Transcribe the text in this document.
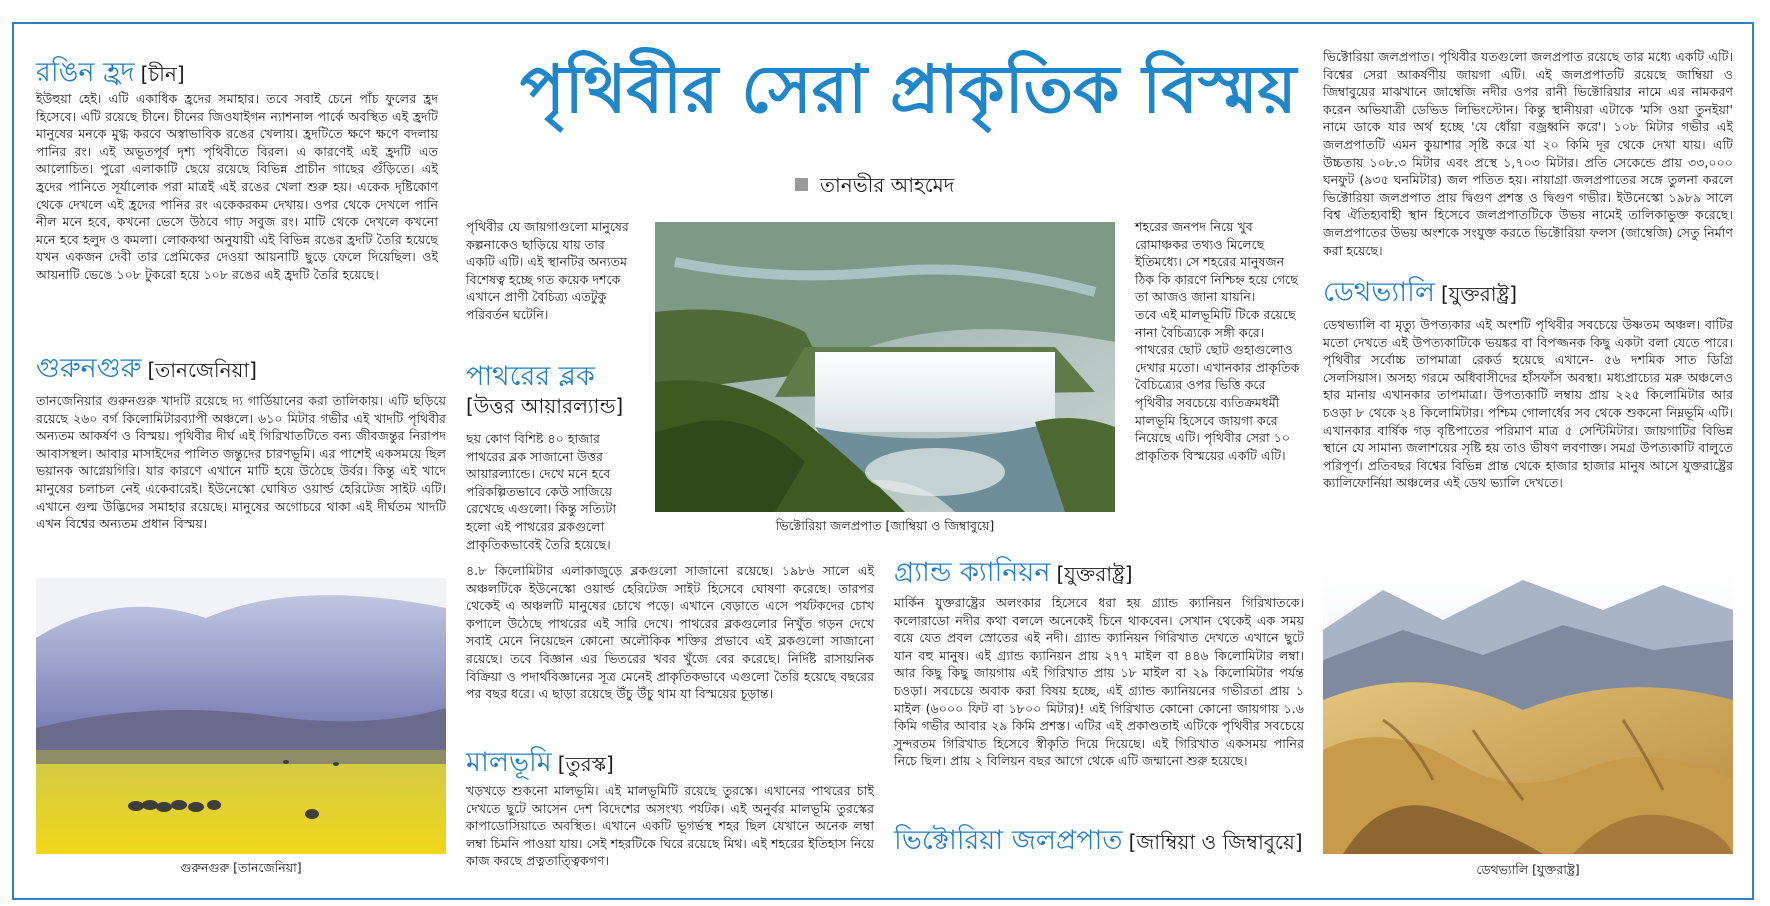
পৃথিবীর সেরা প্রাকৃতিক বিস্ময়
তানভীর আহমেদ
রঙিন হ্রদ [চীন]

ইউহুয়া হেই। এটি একাধিক হ্রদের সমাহার। তবে সবাই চেনে পাঁচ ফুলের হ্রদ হিসেবে। এটি রয়েছে চীনে। চীনের জিওযাইগন ন্যাশনাল পার্কে অবস্থিত এই হ্রদটি মানুষের মনকে মুগ্ধ করবে অস্বাভাবিক রঙের খেলায়। হ্রদটিতে ক্ষণে ক্ষণে বদলায় পানির রং। এই অভূতপূর্ব দৃশ্য পৃথিবীতে বিরল। এ কারণেই এই হ্রদটি এত আলোচিত। পুরো এলাকাটি ছেয়ে রয়েছে বিভিন্ন প্রাচীন গাছের গুঁড়িতে। এই হ্রদের পানিতে সূর্যালোক পরা মাত্রই এই রঙের খেলা শুরু হয়। একেক দৃষ্টিকোণ থেকে দেখলে এই হ্রদের পানির রং একেকরকম দেখায়। ওপর থেকে দেখলে পানি নীল মনে হবে, কখনো ভেসে উঠবে গাঢ় সবুজ রং। মাটি থেকে দেখলে কখনো মনে হবে হলুদ ও কমলা। লোককথা অনুযায়ী এই বিভিন্ন রঙের হ্রদটি তৈরি হয়েছে যখন একজন দেবী তার প্রেমিকের দেওয়া আয়নাটি ছুড়ে ফেলে দিয়েছিল। ওই আয়নাটি ভেঙে ১০৮ টুকরো হয়ে ১০৮ রঙের এই হ্রদটি তৈরি হয়েছে।

গুরুনগুরু [তানজেনিয়া]

তানজেনিয়ার গুরুনগুরু খাদটি রয়েছে দ্য গার্ডিয়ানের করা তালিকায়। এটি ছড়িয়ে রয়েছে ২৬০ বর্গ কিলোমিটারব্যাপী অঞ্চলে। ৬১০ মিটার গভীর এই খাদটি পৃথিবীর অন্যতম আকর্ষণ ও বিস্ময়। পৃথিবীর দীর্ঘ এই গিরিখাতটিতে বন্য জীবজন্তুর নিরাপদ আবাসস্থল। আবার মাসাইদের পালিত জন্তুদের চারণভূমি। এর পাশেই একসময়ে ছিল ভয়ানক আগ্নেয়গিরি। যার কারণে এখানে মাটি হয়ে উঠেছে উর্বর। কিন্তু এই খাদে মানুষের চলাচল নেই একেবারেই। ইউনেস্কো ঘোষিত ওয়ার্ল্ড হেরিটেজ সাইট এটি। এখানে গুল্ম উদ্ভিদের সমাহার রয়েছে। মানুষের অগোচরে থাকা এই দীর্ঘতম খাদটি এখন বিশ্বের অন্যতম প্রধান বিস্ময়।

গুরুনগুরু [তানজেনিয়া]

পৃথিবীর যে জায়গাগুলো মানুষের কল্পনাকেও ছাড়িয়ে যায় তার একটি এটি। এই স্থানটির অন্যতম বিশেষত্ব হচ্ছে গত কয়েক দশকে এখানে প্রাণী বৈচিত্র্য এতটুকু পরিবর্তন ঘটেনি।

পাথরের ব্লক
[উত্তর আয়ারল্যান্ড]

ছয় কোণ বিশিষ্ট ৪০ হাজার পাথরের ব্লক সাজানো উত্তর আয়ারল্যান্ডে। দেখে মনে হবে পরিকল্পিতভাবে কেউ সাজিয়ে রেখেছে এগুলো। কিন্তু সত্যিটা হলো এই পাথরের ব্লকগুলো প্রাকৃতিকভাবেই তৈরি হয়েছে।

৪.৮ কিলোমিটার এলাকাজুড়ে ব্লকগুলো সাজানো রয়েছে। ১৯৮৬ সালে এই অঞ্চলটিকে ইউনেস্কো ওয়ার্ল্ড হেরিটেজ সাইট হিসেবে ঘোষণা করেছে। তারপর থেকেই এ অঞ্চলটি মানুষের চোখে পড়ে। এখানে বেড়াতে এসে পর্যটকদের চোখ কপালে উঠেছে পাথরের এই সারি দেখে। পাথরের ব্লকগুলোর নিখুঁত গড়ন দেখে সবাই মেনে নিয়েছেন কোনো অলৌকিক শক্তির প্রভাবে এই ব্লকগুলো সাজানো রয়েছে। তবে বিজ্ঞান এর ভিতরের খবর খুঁজে বের করেছে। নির্দিষ্ট রাসায়নিক বিক্রিয়া ও পদার্থবিজ্ঞানের সূত্র মেনেই প্রাকৃতিকভাবে এগুলো তৈরি হয়েছে বছরের পর বছর ধরে। এ ছাড়া রয়েছে উঁচু উঁচু থাম যা বিস্ময়ের চূড়ান্ত।

মালভূমি [তুরস্ক]

খড়খড়ে শুকনো মালভূমি। এই মালভূমিটি রয়েছে তুরস্কে। এখানের পাথরের চাই দেখতে ছুটে আসেন দেশ বিদেশের অসংখ্য পর্যটক। এই অনুর্বর মালভূমি তুরস্কের কাপাডোসিয়াতে অবস্থিত। এখানে একটি ভূগর্ভস্থ শহর ছিল যেখানে অনেক লম্বা লম্বা চিমনি পাওয়া যায়। সেই শহরটিকে ঘিরে রয়েছে মিথ। এই শহরের ইতিহাস নিয়ে কাজ করছে প্রত্নতাত্ত্বিকগণ।

ভিক্টোরিয়া জলপ্রপাত [জাম্বিয়া ও জিম্বাবুয়ে]

শহরের জনপদ নিয়ে খুব রোমাঞ্চকর তথ্যও মিলেছে ইতিমধ্যে। সে শহরের মানুষজন ঠিক কি কারণে নিশ্চিহ্ন হয়ে গেছে তা আজও জানা যায়নি।
তবে এই মালভূমিটি টিকে রয়েছে নানা বৈচিত্র্যকে সঙ্গী করে। পাথরের ছোট ছোট গুহাগুলোও দেখার মতো। এখানকার প্রাকৃতিক বৈচিত্র্যের ওপর ভিত্তি করে পৃথিবীর সবচেয়ে ব্যতিক্রমধর্মী মালভূমি হিসেবে জায়গা করে নিয়েছে এটি। পৃথিবীর সেরা ১০ প্রাকৃতিক বিস্ময়ের একটি এটি।

গ্র্যান্ড ক্যানিয়ন [যুক্তরাষ্ট্র]

মার্কিন যুক্তরাষ্ট্রের অলংকার হিসেবে ধরা হয় গ্র্যান্ড ক্যানিয়ন গিরিখাতকে। কলোরাডো নদীর কথা বললে অনেকেই চিনে থাকবেন। সেখান থেকেই এক সময় বয়ে যেত প্রবল স্রোতের এই নদী। গ্র্যান্ড ক্যানিয়ন গিরিখাত দেখতে এখানে ছুটে যান বহু মানুষ। এই গ্র্যান্ড ক্যানিয়ন প্রায় ২৭৭ মাইল বা ৪৪৬ কিলোমিটার লম্বা। আর কিছু কিছু জায়গায় এই গিরিখাত প্রায় ১৮ মাইল বা ২৯ কিলোমিটার পর্যন্ত চওড়া। সবচেয়ে অবাক করা বিষয় হচ্ছে, এই গ্র্যান্ড ক্যানিয়নের গভীরতা প্রায় ১ মাইল (৬০০০ ফিট বা ১৮০০ মিটার)! এই গিরিখাত কোনো কোনো জায়গায় ১.৬ কিমি গভীর আবার ২৯ কিমি প্রশস্ত। এটির এই প্রকাণ্ডতাই এটিকে পৃথিবীর সবচেয়ে সুন্দরতম গিরিখাত হিসেবে স্বীকৃতি দিয়ে দিয়েছে। এই গিরিখাত একসময় পানির নিচে ছিল। প্রায় ২ বিলিয়ন বছর আগে থেকে এটি জন্মানো শুরু হয়েছে।

ভিক্টোরিয়া জলপ্রপাত [জাম্বিয়া ও জিম্বাবুয়ে]

ভিক্টোরিয়া জলপ্রপাত। পৃথিবীর যতগুলো জলপ্রপাত রয়েছে তার মধ্যে একটি এটি। বিশ্বের সেরা আকর্ষণীয় জায়গা এটি। এই জলপ্রপাতটি রয়েছে জাম্বিয়া ও জিম্বাবুয়ের মাঝখানে জাম্বেজি নদীর ওপর রানী ভিক্টোরিয়ার নামে এর নামকরণ করেন অভিযাত্রী ডেভিড লিভিংস্টোন। কিন্তু স্থানীয়রা এটাকে 'মসি ওয়া তুনইয়া' নামে ডাকে যার অর্থ হচ্ছে 'যে ধোঁয়া বজ্রধ্বনি করে'। ১০৮ মিটার গভীর এই জলপ্রপাতটি এমন কুয়াশার সৃষ্টি করে যা ২০ কিমি দূর থেকে দেখা যায়। এটি উচ্চতায় ১০৮.৩ মিটার এবং প্রস্থে ১,৭০৩ মিটার। প্রতি সেকেন্ডে প্রায় ৩৩,০০০ ঘনফুট (৯৩৫ ঘনমিটার) জল পতিত হয়। নায়াগ্রা জলপ্রপাতের সঙ্গে তুলনা করলে ভিক্টোরিয়া জলপ্রপাত প্রায় দ্বিগুণ প্রশস্ত ও দ্বিগুণ গভীর। ইউনেস্কো ১৯৮৯ সালে বিশ্ব ঐতিহ্যবাহী স্থান হিসেবে জলপ্রপাতটিকে উভয় নামেই তালিকাভুক্ত করেছে। জলপ্রপাতের উভয় অংশকে সংযুক্ত করতে ভিক্টোরিয়া ফলস (জাম্বেজি) সেতু নির্মাণ করা হয়েছে।

ডেথভ্যালি [যুক্তরাষ্ট্র]

ডেথভ্যালি বা মৃত্যু উপত্যকার এই অংশটি পৃথিবীর সবচেয়ে উষ্ণতম অঞ্চল। বাটির মতো দেখতে এই উপত্যকাটিকে ভয়ঙ্কর বা বিপজ্জনক কিছু একটা বলা যেতে পারে। পৃথিবীর সর্বোচ্চ তাপমাত্রা রেকর্ড হয়েছে এখানে- ৫৬ দশমিক সাত ডিগ্রি সেলসিয়াস। অসহ্য গরমে অধিবাসীদের হাঁসফাঁস অবস্থা। মধ্যপ্রাচ্যের মরু অঞ্চলেও হার মানায় এখানকার তাপমাত্রা। উপত্যকাটি লম্বায় প্রায় ২২৫ কিলোমিটার আর চওড়া ৮ থেকে ২৪ কিলোমিটার। পশ্চিম গোলার্ধের সব থেকে শুকনো নিম্নভূমি এটি। এখানকার বার্ষিক গড় বৃষ্টিপাতের পরিমাণ মাত্র ৫ সেন্টিমিটার। জায়গাটির বিভিন্ন স্থানে যে সামান্য জলাশয়ের সৃষ্টি হয় তাও ভীষণ লবণাক্ত। সমগ্র উপত্যকাটি বালুতে পরিপূর্ণ। প্রতিবছর বিশ্বের বিভিন্ন প্রান্ত থেকে হাজার হাজার মানুষ আসে যুক্তরাষ্ট্রের ক্যালিফোর্নিয়া অঞ্চলের এই ডেথ ভ্যালি দেখতে।

ডেথভ্যালি [যুক্তরাষ্ট্র]
